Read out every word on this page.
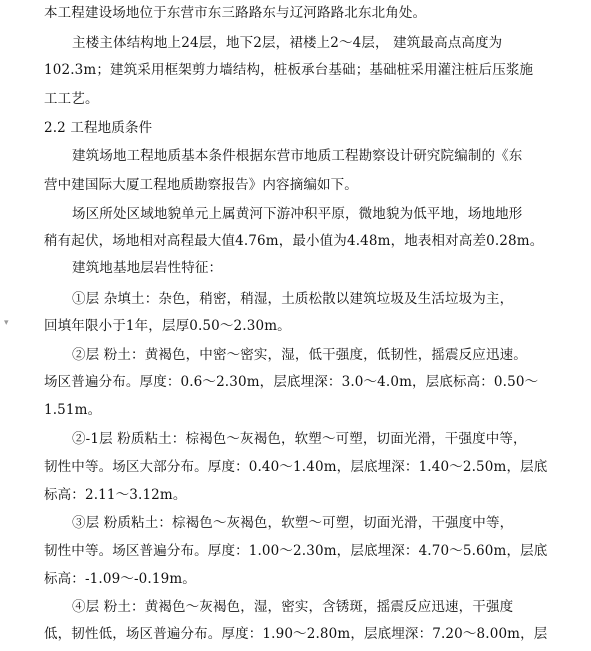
本工程建设场地位于东营市东三路路东与辽河路路北东北角处。
主楼主体结构地上24层，地下2层，裙楼上2～4层， 建筑最高点高度为
102.3m；建筑采用框架剪力墙结构，桩板承台基础；基础桩采用灌注桩后压浆施
工工艺。
2.2 工程地质条件
建筑场地工程地质基本条件根据东营市地质工程勘察设计研究院编制的《东
营中建国际大厦工程地质勘察报告》内容摘编如下。
场区所处区域地貌单元上属黄河下游冲积平原，微地貌为低平地，场地地形
稍有起伏，场地相对高程最大值4.76m，最小值为4.48m，地表相对高差0.28m。
建筑地基地层岩性特征：
①层 杂填土：杂色，稍密，稍湿，土质松散以建筑垃圾及生活垃圾为主，
回填年限小于1年，层厚0.50～2.30m。
②层 粉土：黄褐色，中密～密实，湿，低干强度，低韧性，摇震反应迅速。
场区普遍分布。厚度：0.6～2.30m，层底埋深：3.0～4.0m，层底标高：0.50～
1.51m。
②-1层 粉质粘土：棕褐色～灰褐色，软塑～可塑，切面光滑，干强度中等，
韧性中等。场区大部分布。厚度：0.40～1.40m，层底埋深：1.40～2.50m，层底
标高：2.11～3.12m。
③层 粉质粘土：棕褐色～灰褐色，软塑～可塑，切面光滑，干强度中等，
韧性中等。场区普遍分布。厚度：1.00～2.30m，层底埋深：4.70～5.60m，层底
标高：-1.09～-0.19m。
④层 粉土：黄褐色～灰褐色，湿，密实，含锈斑，摇震反应迅速，干强度
低，韧性低，场区普遍分布。厚度：1.90～2.80m，层底埋深：7.20～8.00m，层
▾
